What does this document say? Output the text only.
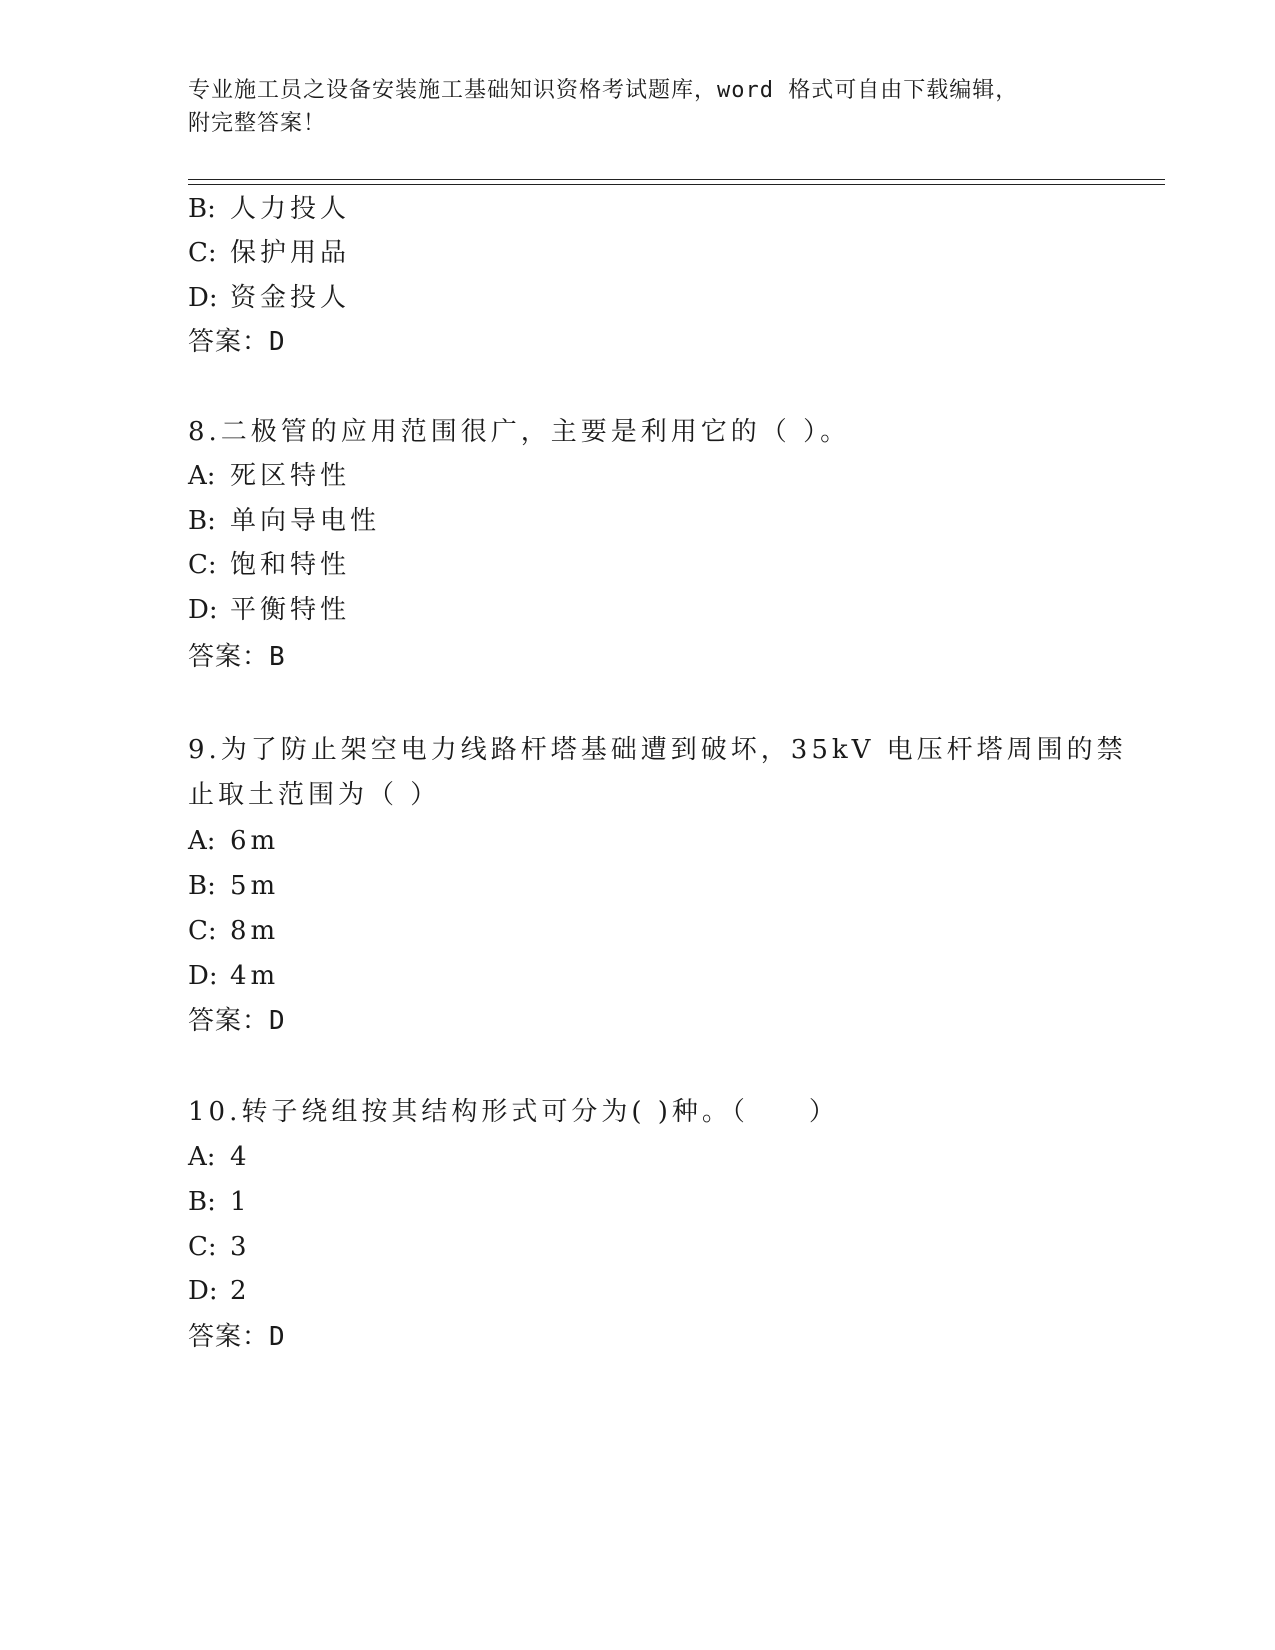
专业施工员之设备安装施工基础知识资格考试题库，word 格式可自由下载编辑，
附完整答案！
B: 人力投人
C: 保护用品
D: 资金投人
答案：D
8.二极管的应用范围很广，主要是利用它的（ ）。
A: 死区特性
B: 单向导电性
C: 饱和特性
D: 平衡特性
答案：B
9.为了防止架空电力线路杆塔基础遭到破坏，35kV 电压杆塔周围的禁
止取土范围为（ ）
A: 6m
B: 5m
C: 8m
D: 4m
答案：D
10.转子绕组按其结构形式可分为( )种。（　　）
A: 4
B: 1
C: 3
D: 2
答案：D
